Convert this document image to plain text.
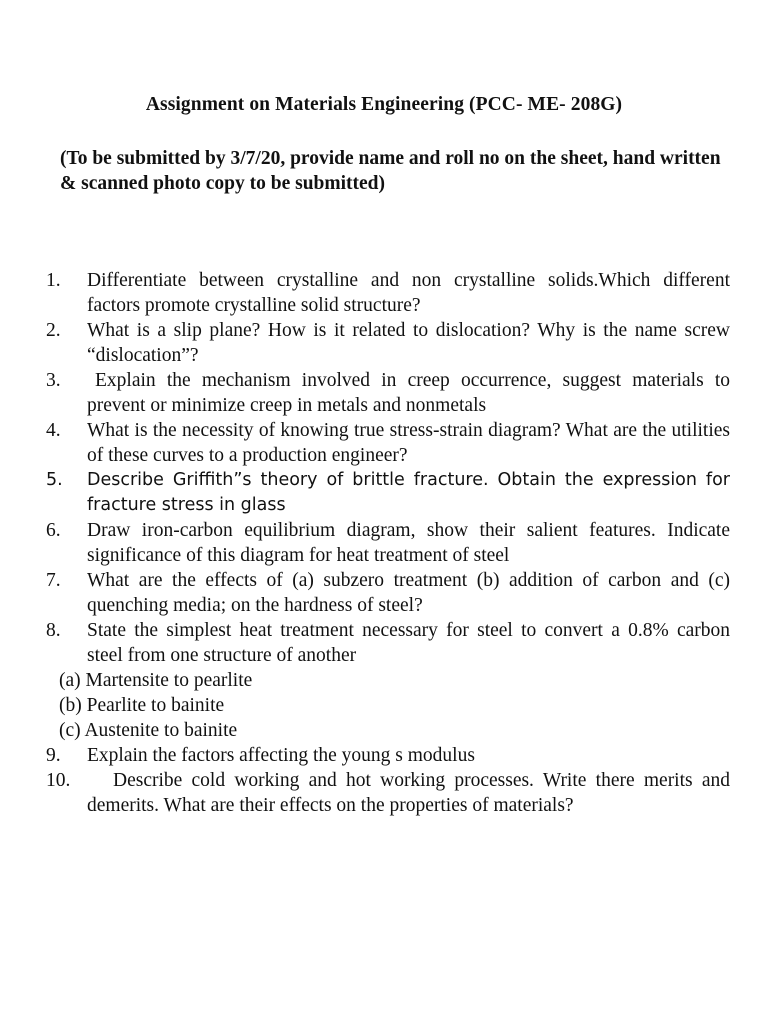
Assignment on Materials Engineering (PCC- ME- 208G)

(To be submitted by 3/7/20, provide name and roll no on the sheet, hand written & scanned photo copy to be submitted)

1. Differentiate between crystalline and non crystalline solids.Which different factors promote crystalline solid structure?
2. What is a slip plane? How is it related to dislocation? Why is the name screw “dislocation”?
3.	Explain the mechanism involved in creep occurrence, suggest materials to prevent or minimize creep in metals and nonmetals
4. What is the necessity of knowing true stress-strain diagram? What are the utilities of these curves to a production engineer?
5. Describe Griffith”s theory of brittle fracture. Obtain the expression for fracture stress in glass
6. Draw iron-carbon equilibrium diagram, show their salient features. Indicate significance of this diagram for heat treatment of steel
7. What are the effects of (a) subzero treatment (b) addition of carbon and (c) quenching media; on the hardness of steel?
8. State the simplest heat treatment necessary for steel to convert a 0.8% carbon steel from one structure of another
(a) Martensite to pearlite
(b) Pearlite to bainite
(c) Austenite to bainite
9. Explain the factors affecting the young s modulus
10.	Describe cold working and hot working processes. Write there merits and demerits. What are their effects on the properties of materials?
